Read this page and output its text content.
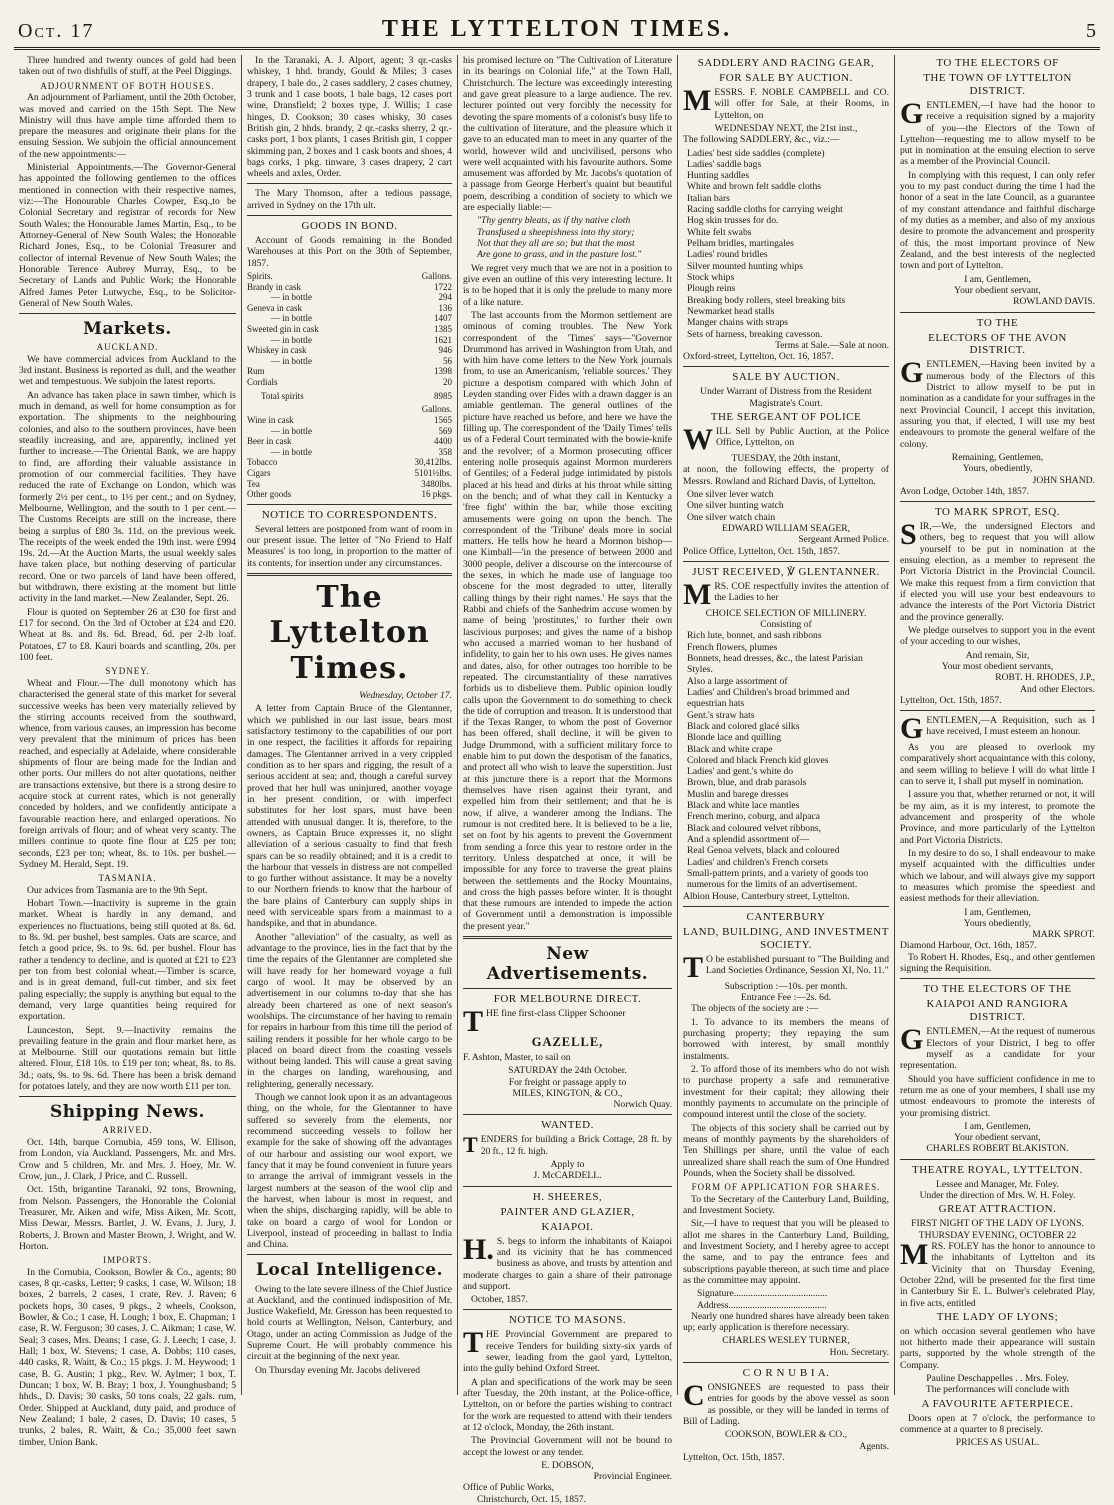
Oct. 17	THE LYTTELTON TIMES.	5

Three hundred and twenty ounces of gold had been taken out of two dishfulls of stuff, at the Peel Diggings.

ADJOURNMENT OF BOTH HOUSES.

An adjournment of Parliament, until the 20th October, was moved and carried on the 15th Sept. The New Ministry will thus have ample time afforded them to prepare the measures and originate their plans for the ensuing Session. We subjoin the official announcement of the new appointments:—

Ministerial Appointments.—The Governor-General has appointed the following gentlemen to the offices mentioned in connection with their respective names, viz:—The Honourable Charles Cowper, Esq.,to be Colonial Secretary and registrar of records for New South Wales; the Honourable James Martin, Esq., to be Attorney-General of New South Wales; the Honorable Richard Jones, Esq., to be Colonial Treasurer and collector of internal Revenue of New South Wales; the Honorable Terence Aubrey Murray, Esq., to be Secretary of Lands and Public Work; the Honorable Alfred James Peter Lutwyche, Esq., to be Solicitor-General of New South Wales.

Markets.
AUCKLAND.

We have commercial advices from Auckland to the 3rd instant. Business is reported as dull, and the weather wet and tempestuous. We subjoin the latest reports.

An advance has taken place in sawn timber, which is much in demand, as well for home consumption as for exportation. The shipments to the neighbouring colonies, and also to the southern provinces, have been steadily increasing, and are, apparently, inclined yet further to increase.—The Oriental Bank, we are happy to find, are affording their valuable assistance in promotion of our commercial facilities. They have reduced the rate of Exchange on London, which was formerly 2½ per cent., to 1½ per cent.; and on Sydney, Melbourne, Wellington, and the south to 1 per cent.—The Customs Receipts are still on the increase, there being a surplus of £80 3s. 11d. on the previous week. The receipts of the week ended the 19th inst. were £994 19s. 2d.—At the Auction Marts, the usual weekly sales have taken place, but nothing deserving of particular record. One or two parcels of land have been offered, but withdrawn, there existing at the moment but little activity in the land market.—New Zealander, Sept. 26.

Flour is quoted on September 26 at £30 for first and £17 for second. On the 3rd of October at £24 and £20. Wheat at 8s. and 8s. 6d. Bread, 6d. per 2-lb loaf. Potatoes, £7 to £8. Kauri boards and scantling, 20s. per 100 feet.

SYDNEY.

Wheat and Flour.—The dull monotony which has characterised the general state of this market for several successive weeks has been very materially relieved by the stirring accounts received from the southward, whence, from various causes, an impression has become very prevalent that the minimum of prices has been reached, and especially at Adelaide, where considerable shipments of flour are being made for the Indian and other ports. Our millers do not alter quotations, neither are transactions extensive, but there is a strong desire to acquire stock at current rates, which is not generally conceded by holders, and we confidently anticipate a favourable reaction here, and enlarged operations. No foreign arrivals of flour; and of wheat very scanty. The millers continue to quote fine flour at £25 per ton; seconds, £23 per ton; wheat, 8s. to 10s. per bushel.—Sydney M. Herald, Sept. 19.

TASMANIA.

Our advices from Tasmania are to the 9th Sept.

Hobart Town.—Inactivity is supreme in the grain market. Wheat is hardly in any demand, and experiences no fluctuations, being still quoted at 8s. 6d. to 8s. 9d. per bushel, best samples. Oats are scarce, and fetch a good price, 9s. to 9s. 6d. per bushel. Flour has rather a tendency to decline, and is quoted at £21 to £23 per ton from best colonial wheat.—Timber is scarce, and is in great demand, full-cut timber, and six feet paling especially; the supply is anything but equal to the demand, very large quantities being required for exportation.

Launceston, Sept. 9.—Inactivity remains the prevailing feature in the grain and flour market here, as at Melbourne. Still our quotations remain but little altered. Flour, £18 10s. to £19 per ton; wheat, 8s. to 8s. 3d.; oats, 9s. to 9s. 6d. There has been a brisk demand for potatoes lately, and they are now worth £11 per ton.

Shipping News.
ARRIVED.

Oct. 14th, barque Cornubia, 459 tons, W. Ellison, from London, via Auckland. Passengers, Mr. and Mrs. Crow and 5 children, Mr. and Mrs. J. Hoey, Mr. W. Crow, jun., J. Clark, J Price, and C. Russell.

Oct. 15th, brigantine Taranaki, 92 tons, Browning, from Nelson. Passengers, the Honorable the Colonial Treasurer, Mr. Aiken and wife, Miss Aiken, Mr. Scott, Miss Dewar, Messrs. Bartlet, J. W. Evans, J. Jury, J. Roberts, J. Brown and Master Brown, J. Wright, and W. Horton.

IMPORTS.

In the Cornubia, Cookson, Bowler & Co., agents; 80 cases, 8 qr.-casks, Letter; 9 casks, 1 case, W. Wilson; 18 boxes, 2 barrels, 2 cases, 1 crate, Rev. J. Raven; 6 pockets hops, 30 cases, 9 pkgs., 2 wheels, Cookson, Bowler, & Co.; 1 case, H. Lough; 1 box, E. Chapman; 1 case, R. W. Ferguson; 30 cases, J. C. Aikman; 1 case, W. Seal; 3 cases, Mrs. Deans; 1 case, G. J. Leech; 1 case, J. Hall; 1 box, W. Stevens; 1 case, A. Dobbs; 110 cases, 440 casks, R. Waitt, & Co.; 15 pkgs. J. M. Heywood; 1 case, B. G. Austin; 1 pkg., Rev. W. Aylmer; 1 box, T. Duncan; 1 box, W. B. Bray; 1 box, J. Younghusband; 5 hhds., D. Davis; 30 casks, 50 tons coals, 22 gals. rum, Order. Shipped at Auckland, duty paid, and produce of New Zealand; 1 bale, 2 cases, D. Davis; 10 cases, 5 trunks, 2 bales, R. Waitt, & Co.; 35,000 feet sawn timber, Union Bank.

In the Taranaki, A. J. Alport, agent; 3 qr.-casks whiskey, 1 hhd. brandy, Gould & Miles; 3 cases drapery, 1 bale do., 2 cases saddlery, 2 cases chutney, 3 trunk and 1 case boots, 1 bale bags, 12 cases port wine, Dransfield; 2 boxes type, J. Willis; 1 case hinges, D. Cookson; 30 cases whisky, 30 cases British gin, 2 hhds. brandy, 2 qr.-casks sherry, 2 qr.-casks port, 1 box plants, 1 cases British gin, 1 copper skimming pan, 2 boxes and 1 cask boots and shoes, 4 bags corks, 1 pkg. tinware, 3 cases drapery, 2 cart wheels and axles, Order.

The Mary Thomson, after a tedious passage, arrived in Sydney on the 17th ult.

GOODS IN BOND.

Account of Goods remaining in the Bonded Warehouses at this Port on the 30th of September, 1857.

Spirits.	Gallons.
Brandy in cask	1722
— in bottle	294
Geneva in cask	136
— in bottle	1407
Sweeted gin in cask	1385
— in bottle	1621
Whiskey in cask	946
— in bottle	56
Rum	1398
Cordials	20
Total spirits	8985
	Gallons.
Wine in cask	1565
— in bottle	569
Beer in cask	4400
— in bottle	358
Tobacco	30,412lbs.
Cigars	5101½lbs.
Tea	3480lbs.
Other goods	16 pkgs.
NOTICE TO CORRESPONDENTS.

Several letters are postponed from want of room in our present issue. The letter of "No Friend to Half Measures' is too long, in proportion to the matter of its contents, for insertion under any circumstances.

The Lyttelton Times.
Wednesday, October 17.

A letter from Captain Bruce of the Glentanner, which we published in our last issue, bears most satisfactory testimony to the capabilities of our port in one respect, the facilities it affords for repairing damages. The Glentanner arrived in a very crippled condition as to her spars and rigging, the result of a serious accident at sea; and, though a careful survey proved that her hull was uninjured, another voyage in her present condition, or with imperfect substitutes for her lost spars, must have been attended with unusual danger. It is, therefore, to the owners, as Captain Bruce expresses it, no slight alleviation of a serious casualty to find that fresh spars can be so readily obtained; and it is a credit to the harbour that vessels in distress are not compelled to go further without assistance. It may be a novelty to our Northern friends to know that the harbour of the bare plains of Canterbury can supply ships in need with serviceable spars from a mainmast to a handspike, and that in abundance.

Another "alleviation" of the casualty, as well as advantage to the province, lies in the fact that by the time the repairs of the Glentanner are completed she will have ready for her homeward voyage a full cargo of wool. It may be observed by an advertisement in our columns to-day that she has already been chartered as one of next season's woolships. The circumstance of her having to remain for repairs in harbour from this time till the period of sailing renders it possible for her whole cargo to be placed on board direct from the coasting vessels without being landed. This will cause a great saving in the charges on landing, warehousing, and relightering, generally necessary.

Though we cannot look upon it as an advantageous thing, on the whole, for the Glentanner to have suffered so severely from the elements, nor recommend succeeding vessels to follow her example for the sake of showing off the advantages of our harbour and assisting our wool export, we fancy that it may be found convenient in future years to arrange the arrival of immigrant vessels in the largest numbers at the season of the wool clip and the harvest, when labour is most in request, and when the ships, discharging rapidly, will be able to take on board a cargo of wool for London or Liverpool, instead of proceeding in ballast to India and China.

Local Intelligence.

Owing to the late severe illness of the Chief Justice at Auckland, and the continued indisposition of Mr. Justice Wakefield, Mr. Gresson has been requested to hold courts at Wellington, Nelson, Canterbury, and Otago, under an acting Commission as Judge of the Supreme Court. He will probably commence his circuit at the beginning of the next year.

On Thursday evening Mr. Jacobs delivered

his promised lecture on "The Cultivation of Literature in its bearings on Colonial life," at the Town Hall, Christchurch. The lecture was exceedingly interesting and gave great pleasure to a large audience. The rev. lecturer pointed out very forcibly the necessity for devoting the spare moments of a colonist's busy life to the cultivation of literature, and the pleasure which it gave to an educated man to meet in any quarter of the world, however wild and uncivilised, persons who were well acquainted with his favourite authors. Some amusement was afforded by Mr. Jacobs's quotation of a passage from George Herbert's quaint but beautiful poem, describing a condition of society to which we are especially liable:—

"Thy gentry bleats, as if thy native cloth
Transfused a sheepishness into thy story;
Not that they all are so; but that the most
Are gone to grass, and in the pasture lost."

We regret very much that we are not in a position to give even an outline of this very interesting lecture. It is to be hoped that it is only the prelude to many more of a like nature.

The last accounts from the Mormon settlement are ominous of coming troubles. The New York correspondent of the 'Times' says—"Governor Drummond has arrived in Washington from Utah, and with him have come letters to the New York journals from, to use an Americanism, 'reliable sources.' They picture a despotism compared with which John of Leyden standing over Fides with a drawn dagger is an amiable gentleman. The general outlines of the picture have reached us before, and here we have the filling up. The correspondent of the 'Daily Times' tells us of a Federal Court terminated with the bowie-knife and the revolver; of a Mormon prosecuting officer entering nolle prosequis against Mormon murderers of Gentiles; of a Federal judge intimidated by pistols placed at his head and dirks at his throat while sitting on the bench; and of what they call in Kentucky a 'free fight' within the bar, while those exciting amusements were going on upon the bench. The correspondent of the 'Tribune' deals more in social matters. He tells how he heard a Mormon bishop—one Kimball—'in the presence of between 2000 and 3000 people, deliver a discourse on the intercourse of the sexes, in which he made use of language too obscene for the most degraded to utter, literally calling things by their right names.' He says that the Rabbi and chiefs of the Sanhedrim accuse women by name of being 'prostitutes,' to further their own lascivious purposes; and gives the name of a bishop who accused a married woman to her husband of infidelity, to gain her to his own uses. He gives names and dates, also, for other outrages too horrible to be repeated. The circumstantiality of these narratives forbids us to disbelieve them. Public opinion loudly calls upon the Government to do something to check the tide of corruption and treason. It is understood that if the Texas Ranger, to whom the post of Governor has been offered, shall decline, it will be given to Judge Drummond, with a sufficient military force to enable him to put down the despotism of the fanatics, and protect all who wish to leave the superstition. Just at this juncture there is a report that the Mormons themselves have risen against their tyrant, and expelled him from their settlement; and that he is now, if alive, a wanderer among the Indians. The rumour is not credited here. It is believed to be a lie, set on foot by his agents to prevent the Government from sending a force this year to restore order in the territory. Unless despatched at once, it will be impossible for any force to traverse the great plains between the settlements and the Rocky Mountains, and cross the high passes before winter. It is thought that these rumours are intended to impede the action of Government until a demonstration is impossible the present year."

New Advertisements.
FOR MELBOURNE DIRECT.

THE fine first-class Clipper Schooner

GAZELLE,

F. Ashton, Master, to sail on

SATURDAY the 24th October.
For freight or passage apply to
MILES, KINGTON, & CO.,
Norwich Quay.
WANTED.

TENDERS for building a Brick Cottage, 28 ft. by 20 ft., 12 ft. high.

Apply to
J. McCARDELL.
H. SHEERES,
PAINTER AND GLAZIER,
KAIAPOI.

H. S. begs to inform the inhabitants of Kaiapoi and its vicinity that he has commenced business as above, and trusts by attention and moderate charges to gain a share of their patronage and support.

October, 1857.

NOTICE TO MASONS.

THE Provincial Government are prepared to receive Tenders for building sixty-six yards of sewer, leading from the gaol yard, Lyttelton, into the gully behind Oxford Street.

A plan and specifications of the work may be seen after Tuesday, the 20th instant, at the Police-office, Lyttelton, on or before the parties wishing to contract for the work are requested to attend with their tenders at 12 o'clock, Monday, the 26th instant.

The Provincial Government will not be bound to accept the lowest or any tender.

E. DOBSON,
Provincial Engineer.
Office of Public Works,
Christchurch, Oct. 15, 1857.
SADDLERY AND RACING GEAR,
FOR SALE BY AUCTION.

MESSRS. F. NOBLE CAMPBELL and CO. will offer for Sale, at their Rooms, in Lyttelton, on

WEDNESDAY NEXT, the 21st inst.,

The following SADDLERY, &c., viz.:—

Ladies' best side saddles (complete)
Ladies' saddle bags
Hunting saddles
White and brown felt saddle cloths
Italian bars
Racing saddle cloths for carrying weight
Hog skin trusses for do.
White felt swabs
Pelham bridles, martingales
Ladies' round bridles
Silver mounted hunting whips
Stock whips
Plough reins
Breaking body rollers, steel breaking bits
Newmarket head stalls
Manger chains with straps
Sets of harness, breaking cavesson.
Terms at Sale.—Sale at noon.
Oxford-street, Lyttelton, Oct. 16, 1857.
SALE BY AUCTION.
Under Warrant of Distress from the Resident Magistrate's Court.
THE SERGEANT OF POLICE

WILL Sell by Public Auction, at the Police Office, Lyttelton, on

TUESDAY, the 20th instant,

at noon, the following effects, the property of Messrs. Rowland and Richard Davis, of Lyttelton.

One silver lever watch
One silver hunting watch
One silver watch chain
EDWARD WILLIAM SEAGER,
Sergeant Armed Police.
Police Office, Lyttelton, Oct. 15th, 1857.
JUST RECEIVED, ℣ GLENTANNER.

MRS. COE respectfully invites the attention of the Ladies to her

CHOICE SELECTION OF MILLINERY.
Consisting of
Rich lute, bonnet, and sash ribbons
French flowers, plumes
Bonnets, head dresses, &c., the latest Parisian Styles.
Also a large assortment of
Ladies' and Children's broad brimmed and equestrian hats
Gent.'s straw hats
Black and colored glacé silks
Blonde lace and quilling
Black and white crape
Colored and black French kid gloves
Ladies' and gent.'s white do
Brown, blue, and drab parasols
Muslin and barege dresses
Black and white lace mantles
French merino, coburg, and alpaca
Black and coloured velvet ribbons,
And a splendid assortment of—
Real Genoa velvets, black and coloured
Ladies' and children's French corsets
Small-pattern prints, and a variety of goods too numerous for the limits of an advertisement.
Albion House, Canterbury street, Lyttelton.
CANTERBURY
LAND, BUILDING, AND INVESTMENT SOCIETY.

T O be established pursuant to "The Building and Land Societies Ordinance, Session XI, No. 11."

Subscription :—10s. per month.
Entrance Fee :—2s. 6d.

The objects of the society are :—

1. To advance to its members the means of purchasing property; they repaying the sum borrowed with interest, by small monthly instalments.

2. To afford those of its members who do not wish to purchase property a safe and remunerative investment for their capital; they allowing their monthly payments to accumulate on the principle of compound interest until the close of the society.

The objects of this society shall be carried out by means of monthly payments by the shareholders of Ten Shillings per share, until the value of each unrealized share shall reach the sum of One Hundred Pounds, when the Society shall be dissolved.

FORM OF APPLICATION FOR SHARES.

To the Secretary of the Canterbury Land, Building, and Investment Society.

Sir,—I have to request that you will be pleased to allot me shares in the Canterbury Land, Building, and Investment Society, and I hereby agree to accept the same, and to pay the entrance fees and subscriptions payable thereon, at such time and place as the committee may appoint.

Signature.......................................
Address.........................................

Nearly one hundred shares have already been taken up; early application is therefore necessary.

CHARLES WESLEY TURNER,
Hon. Secretary.
C O R N U B I A.

CONSIGNEES are requested to pass their entries for goods by the above vessel as soon as possible, or they will be landed in terms of Bill of Lading.

COOKSON, BOWLER & CO.,
Agents.
Lyttelton, Oct. 15th, 1857.
TO THE ELECTORS OF
THE TOWN OF LYTTELTON DISTRICT.

GENTLEMEN,—I have had the honor to receive a requisition signed by a majority of you—the Electors of the Town of Lyttelton—requesting me to allow myself to be put in nomination at the ensuing election to serve as a member of the Provincial Council.

In complying with this request, I can only refer you to my past conduct during the time I had the honor of a seat in the late Council, as a guarantee of my constant attendance and faithful discharge of my duties as a member, and also of my anxious desire to promote the advancement and prosperity of this, the most important province of New Zealand, and the best interests of the neglected town and port of Lyttelton.

I am, Gentlemen,
Your obedient servant,
ROWLAND DAVIS.
TO THE
ELECTORS OF THE AVON DISTRICT.

GENTLEMEN,—Having been invited by a numerous body of the Electors of this District to allow myself to be put in nomination as a candidate for your suffrages in the next Provincial Council, I accept this invitation, assuring you that, if elected, I will use my best endeavours to promote the general welfare of the colony.

Remaining, Gentlemen,
Yours, obediently,
JOHN SHAND.
Avon Lodge, October 14th, 1857.
TO MARK SPROT, ESQ.

SIR,—We, the undersigned Electors and others, beg to request that you will allow yourself to be put in nomination at the ensuing election, as a member to represent the Port Victoria District in the Provincial Council. We make this request from a firm conviction that if elected you will use your best endeavours to advance the interests of the Port Victoria District and the province generally.

We pledge ourselves to support you in the event of your acceding to our wishes,

And remain, Sir,
Your most obedient servants,
ROBT. H. RHODES, J.P.,
And other Electors.
Lyttelton, Oct. 15th, 1857.

GENTLEMEN,—A Requisition, such as I have received, I must esteem an honour.

As you are pleased to overlook my comparatively short acquaintance with this colony, and seem willing to believe I will do what little I can to serve it, I shall put myself in nomination.

I assure you that, whether returned or not, it will be my aim, as it is my interest, to promote the advancement and prosperity of the whole Province, and more particularly of the Lyttelton and Port Victoria Districts.

In my desire to do so, I shall endeavour to make myself acquainted with the difficulties under which we labour, and will always give my support to measures which promise the speediest and easiest methods for their alleviation.

I am, Gentlemen,
Yours obediently,
MARK SPROT.
Diamond Harbour, Oct. 16th, 1857.

To Robert H. Rhodes, Esq., and other gentlemen signing the Requisition.

TO THE ELECTORS OF THE
KAIAPOI AND RANGIORA DISTRICT.

GENTLEMEN,—At the request of numerous Electors of your District, I beg to offer myself as a candidate for your representation.

Should you have sufficient confidence in me to return me as one of your members, I shall use my utmost endeavours to promote the interests of your promising district.

I am, Gentlemen,
Your obedient servant,
CHARLES ROBERT BLAKISTON.
THEATRE ROYAL, LYTTELTON.
Lessee and Manager, Mr. Foley.
Under the direction of Mrs. W. H. Foley.
GREAT ATTRACTION.
FIRST NIGHT OF THE LADY OF LYONS.
THURSDAY EVENING, OCTOBER 22

MRS. FOLEY has the honor to announce to the inhabitants of Lyttelton and its Vicinity that on Thursday Evening, October 22nd, will be presented for the first time in Canterbury Sir E. L. Bulwer's celebrated Play, in five acts, entitled

THE LADY OF LYONS;

on which occasion several gentlemen who have not hitherto made their appearance will sustain parts, supported by the whole strength of the Company.

Pauline Deschappelles . . Mrs. Foley.
The performances will conclude with
A FAVOURITE AFTERPIECE.

Doors open at 7 o'clock, the performance to commence at a quarter to 8 precisely.

PRICES AS USUAL.
